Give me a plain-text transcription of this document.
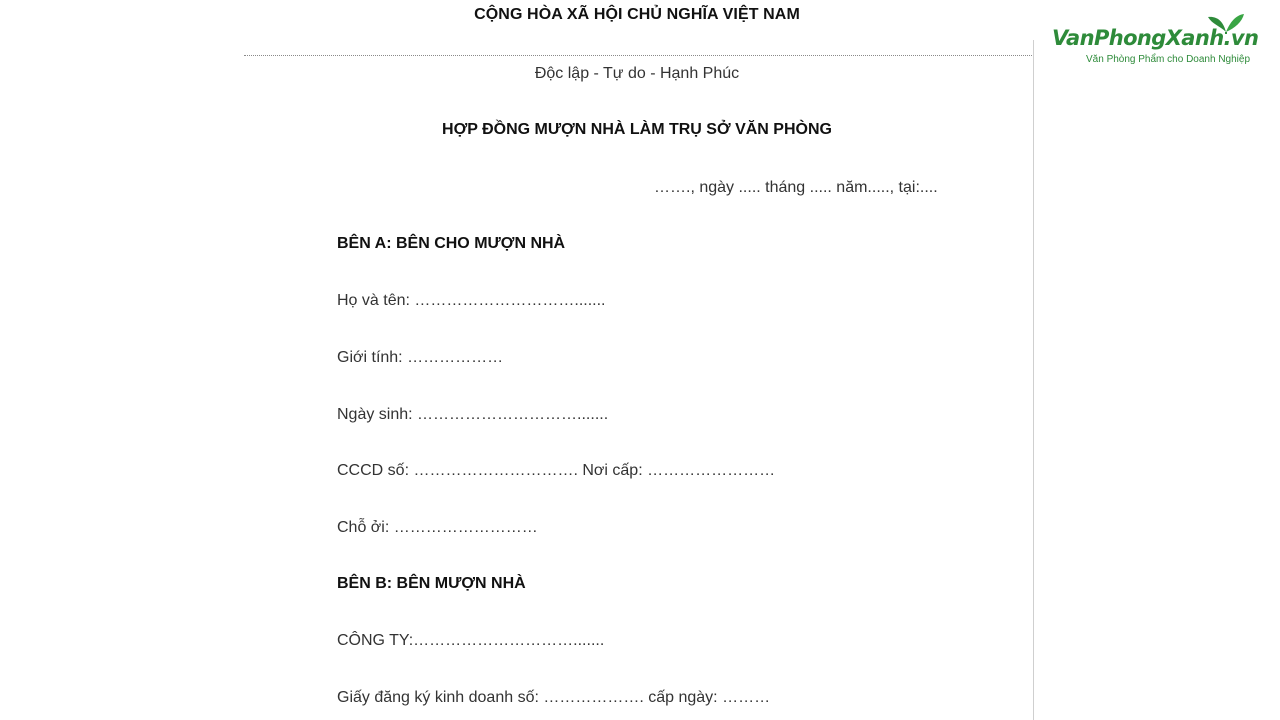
CỘNG HÒA XÃ HỘI CHỦ NGHĨA VIỆT NAM
Độc lập - Tự do - Hạnh Phúc
HỢP ĐỒNG MƯỢN NHÀ LÀM TRỤ SỞ VĂN PHÒNG
……., ngày ..... tháng ..... năm....., tại:....
BÊN A: BÊN CHO MƯỢN NHÀ
Họ và tên: ………………………….......
Giới tính: ………………
Ngày sinh: ………………………….......
CCCD số: …………………………. Nơi cấp: ……………………
Chỗ ởi: ………………………
BÊN B: BÊN MƯỢN NHÀ
CÔNG TY:………………………….......
Giấy đăng ký kinh doanh số: ………………. cấp ngày: ………
VanPhongXanh.vn
Văn Phòng Phẩm cho Doanh Nghiệp
